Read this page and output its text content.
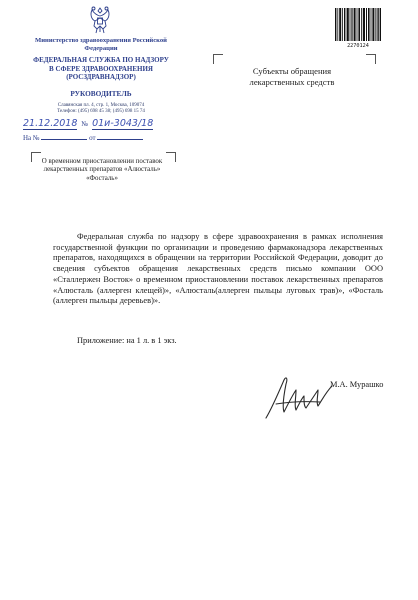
Министерство здравоохранения Российской Федерации
ФЕДЕРАЛЬНАЯ СЛУЖБА ПО НАДЗОРУ
В СФЕРЕ ЗДРАВООХРАНЕНИЯ
(РОСЗДРАВНАДЗОР)
РУКОВОДИТЕЛЬ
Славянская пл. 4, стр. 1, Москва, 109074
Телефон: (495) 698 45 38; (495) 698 15 74
21.12.2018 № 01и-3043/18
На №	от
О временном приостановлении поставок лекарственных препаратов «Алюсталь» «Фосталь»
2270124
Субъекты обращения лекарственных средств
Федеральная служба по надзору в сфере здравоохранения в рамках исполнения государственной функции по организации и проведению фармаконадзора лекарственных препаратов, находящихся в обращении на территории Российской Федерации, доводит до сведения субъектов обращения лекарственных средств письмо компании ООО «Сталлержен Восток» о временном приостановлении поставок лекарственных препаратов «Алюсталь (аллерген клещей)», «Алюсталь(аллерген пыльцы луговых трав)», «Фосталь (аллерген пыльцы деревьев)».
Приложение: на 1 л. в 1 экз.
М.А. Мурашко
